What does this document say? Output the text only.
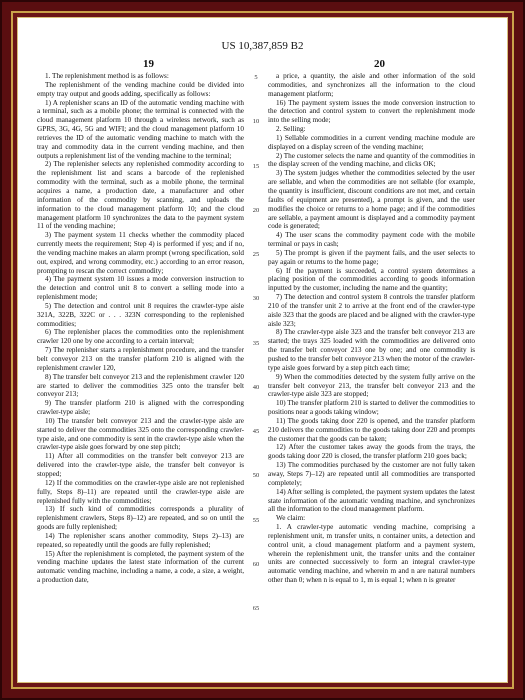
US 10,387,859 B2
19	20

1. The replenishment method is as follows:

The replenishment of the vending machine could be divided into empty tray output and goods adding, specifically as follows:

1) A replenisher scans an ID of the automatic vending machine with a terminal, such as a mobile phone; the terminal is connected with the cloud management platform 10 through a wireless network, such as GPRS, 3G, 4G, 5G and WIFI; and the cloud management platform 10 retrieves the ID of the automatic vending machine to match with the tray and commodity data in the current vending machine, and then outputs a replenishment list of the vending machine to the terminal;

2) The replenisher selects any replenished commodity according to the replenishment list and scans a barcode of the replenished commodity with the terminal, such as a mobile phone, the terminal acquires a name, a production date, a manufacturer and other information of the commodity by scanning, and uploads the information to the cloud management platform 10; and the cloud management platform 10 synchronizes the data to the payment system 11 of the vending machine;

3) The payment system 11 checks whether the commodity placed currently meets the requirement; Step 4) is performed if yes; and if no, the vending machine makes an alarm prompt (wrong specification, sold out, expired, and wrong commodity, etc.) according to an error reason, prompting to rescan the correct commodity;

4) The payment system 10 issues a mode conversion instruction to the detection and control unit 8 to convert a selling mode into a replenishment mode;

5) The detection and control unit 8 requires the crawler-type aisle 321A, 322B, 322C or . . . 323N corresponding to the replenished commodities;

6) The replenisher places the commodities onto the replenishment crawler 120 one by one according to a certain interval;

7) The replenisher starts a replenishment procedure, and the transfer belt conveyor 213 on the transfer platform 210 is aligned with the replenishment crawler 120,

8) The transfer belt conveyor 213 and the replenishment crawler 120 are started to deliver the commodities 325 onto the transfer belt conveyor 213;

9) The transfer platform 210 is aligned with the corresponding crawler-type aisle;

10) The transfer belt conveyor 213 and the crawler-type aisle are started to deliver the commodities 325 onto the corresponding crawler-type aisle, and one commodity is sent in the crawler-type aisle when the crawler-type aisle goes forward by one step pitch;

11) After all commodities on the transfer belt conveyor 213 are delivered into the crawler-type aisle, the transfer belt conveyor is stopped;

12) If the commodities on the crawler-type aisle are not replenished fully, Steps 8)–11) are repeated until the crawler-type aisle are replenished fully with the commodities;

13) If such kind of commodities corresponds a plurality of replenishment crawlers, Steps 8)–12) are repeated, and so on until the goods are fully replenished;

14) The replenisher scans another commodity, Steps 2)–13) are repeated, so repeatedly until the goods are fully replenished;

15) After the replenishment is completed, the payment system of the vending machine updates the latest state information of the current automatic vending machine, including a name, a code, a size, a weight, a production date,

5
10
15
20
25
30
35
40
45
50
55
60
65

a price, a quantity, the aisle and other information of the sold commodities, and synchronizes all the information to the cloud management platform;

16) The payment system issues the mode conversion instruction to the detection and control system to convert the replenishment mode into the selling mode;

2. Selling:

1) Sellable commodities in a current vending machine module are displayed on a display screen of the vending machine;

2) The customer selects the name and quantity of the commodities in the display screen of the vending machine, and clicks OK;

3) The system judges whether the commodities selected by the user are sellable, and when the commodities are not sellable (for example, the quantity is insufficient, discount conditions are not met, and certain faults of equipment are presented), a prompt is given, and the user modifies the choice or returns to a home page; and if the commodities are sellable, a payment amount is displayed and a commodity payment code is generated;

4) The user scans the commodity payment code with the mobile terminal or pays in cash;

5) The prompt is given if the payment fails, and the user selects to pay again or returns to the home page;

6) If the payment is succeeded, a control system determines a placing position of the commodities according to goods information inputted by the customer, including the name and the quantity;

7) The detection and control system 8 controls the transfer platform 210 of the transfer unit 2 to arrive at the front end of the crawler-type aisle 323 that the goods are placed and be aligned with the crawler-type aisle 323;

8) The crawler-type aisle 323 and the transfer belt conveyor 213 are started; the trays 325 loaded with the commodities are delivered onto the transfer belt conveyor 213 one by one; and one commodity is pushed to the transfer belt conveyor 213 when the motor of the crawler-type aisle goes forward by a step pitch each time;

9) When the commodities detected by the system fully arrive on the transfer belt conveyor 213, the transfer belt conveyor 213 and the crawler-type aisle 323 are stopped;

10) The transfer platform 210 is started to deliver the commodities to positions near a goods taking window;

11) The goods taking door 220 is opened, and the transfer platform 210 delivers the commodities to the goods taking door 220 and prompts the customer that the goods can be taken;

12) After the customer takes away the goods from the trays, the goods taking door 220 is closed, the transfer platform 210 goes back;

13) The commodities purchased by the customer are not fully taken away, Steps 7)–12) are repeated until all commodities are transported completely;

14) After selling is completed, the payment system updates the latest state information of the automatic vending machine, and synchronizes all the information to the cloud management platform.

We claim:

1. A crawler-type automatic vending machine, comprising a replenishment unit, m transfer units, n container units, a detection and control unit, a cloud management platform and a payment system, wherein the replenishment unit, the transfer units and the container units are connected successively to form an integral crawler-type automatic vending machine, and wherein m and n are natural numbers other than 0; when n is equal to 1, m is equal 1; when n is greater
